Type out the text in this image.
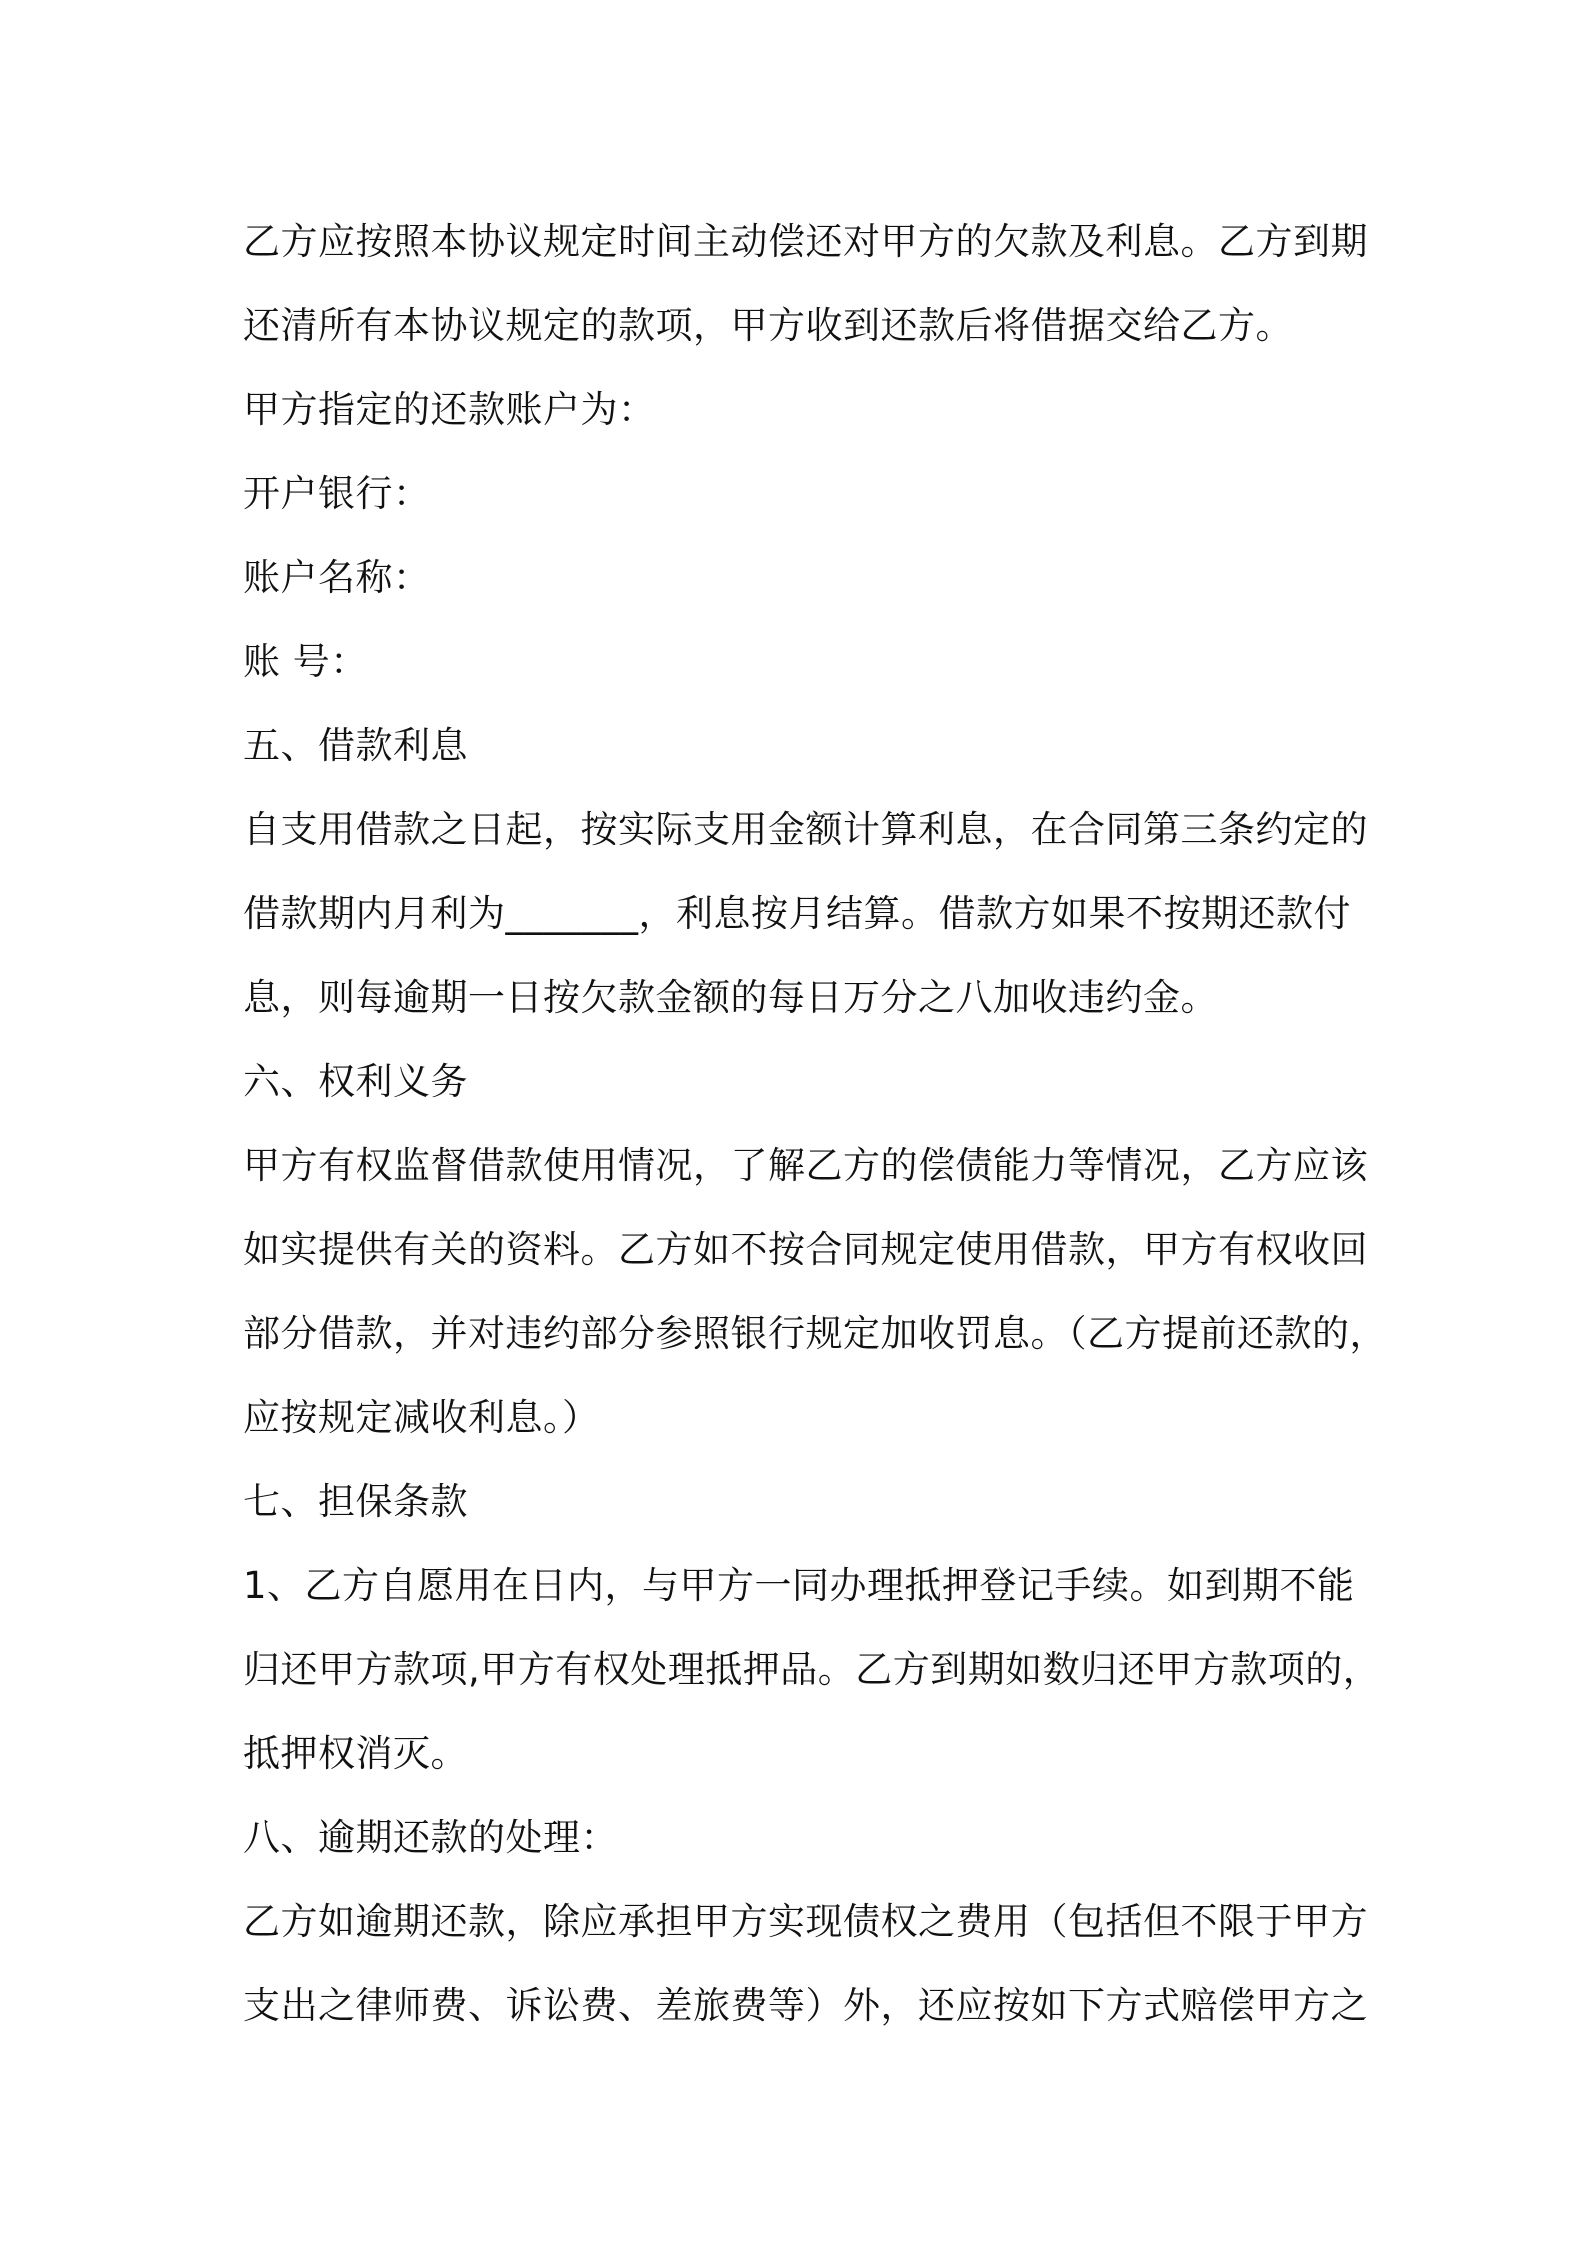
乙方应按照本协议规定时间主动偿还对甲方的欠款及利息。乙方到期
还清所有本协议规定的款项，甲方收到还款后将借据交给乙方。
甲方指定的还款账户为：
开户银行：
账户名称：
账 号：
五、借款利息
自支用借款之日起，按实际支用金额计算利息，在合同第三条约定的
借款期内月利为_______，利息按月结算。借款方如果不按期还款付
息，则每逾期一日按欠款金额的每日万分之八加收违约金。
六、权利义务
甲方有权监督借款使用情况，了解乙方的偿债能力等情况，乙方应该
如实提供有关的资料。乙方如不按合同规定使用借款，甲方有权收回
部分借款，并对违约部分参照银行规定加收罚息。（乙方提前还款的，
应按规定减收利息。）
七、担保条款
1、乙方自愿用在日内，与甲方一同办理抵押登记手续。如到期不能
归还甲方款项,甲方有权处理抵押品。乙方到期如数归还甲方款项的，
抵押权消灭。
八、逾期还款的处理：
乙方如逾期还款，除应承担甲方实现债权之费用（包括但不限于甲方
支出之律师费、诉讼费、差旅费等）外，还应按如下方式赔偿甲方之
